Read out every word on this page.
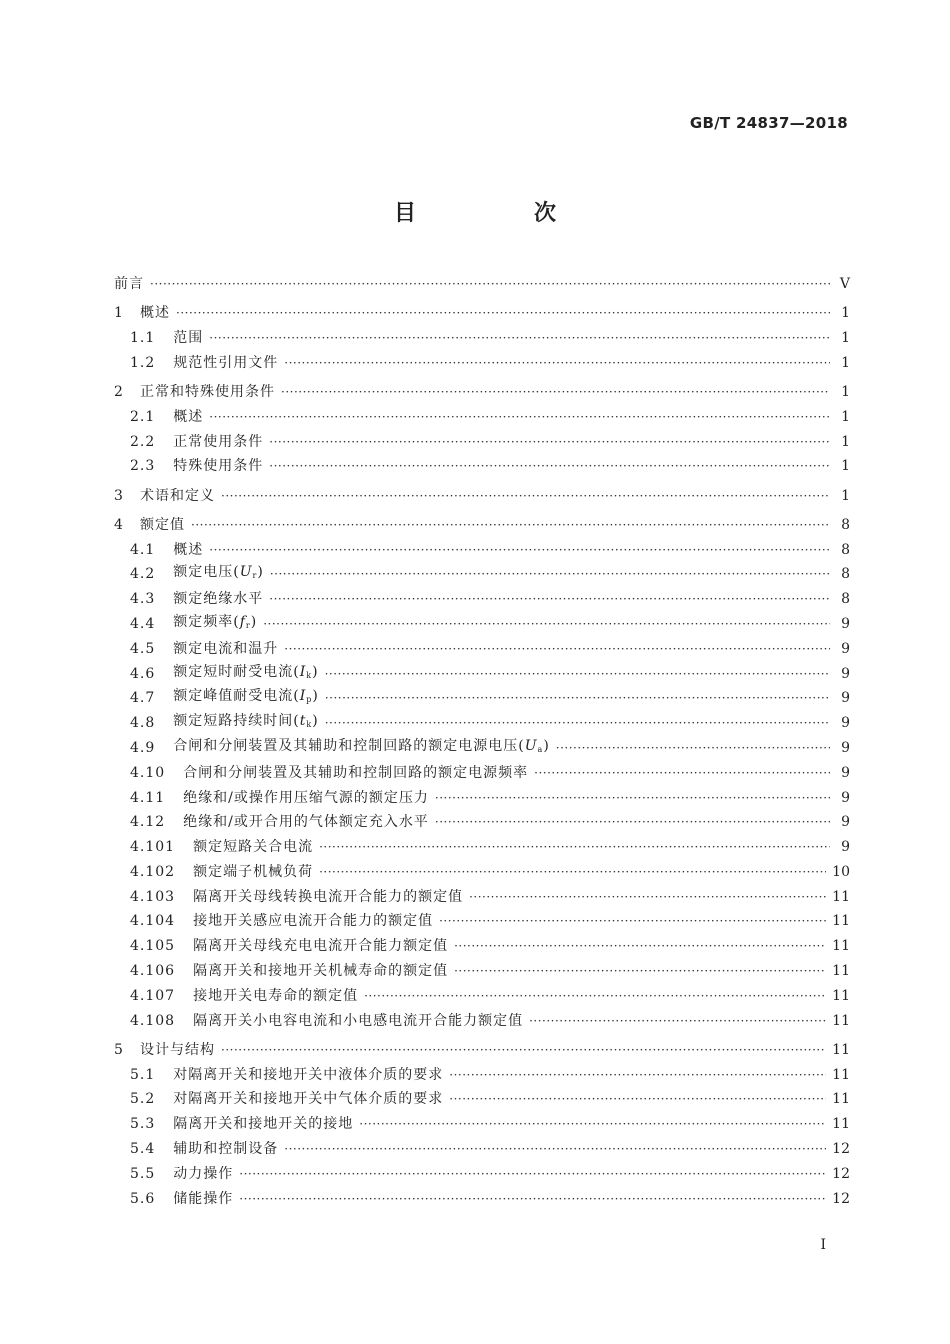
GB/T 24837—2018
目　次
前言 ·····	V
1	概述 ·····	1
1.1 范围 ·····	1
1.2 规范性引用文件 ·····	1
2	正常和特殊使用条件 ·····	1
2.1 概述 ·····	1
2.2 正常使用条件 ·····	1
2.3 特殊使用条件 ·····	1
3	术语和定义 ·····	1
4	额定值 ·····	8
4.1 概述 ·····	8
4.2 额定电压$(U_r)$ ·····	8
4.3 额定绝缘水平 ·····	8
4.4 额定频率$(f_r)$ ·····	9
4.5 额定电流和温升 ·····	9
4.6 额定短时耐受电流$(I_k)$ ·····	9
4.7 额定峰值耐受电流$(I_p)$ ·····	9
4.8 额定短路持续时间$(t_k)$ ·····	9
4.9 合闸和分闸装置及其辅助和控制回路的额定电源电压$(U_a)$ ·····	9
4.10 合闸和分闸装置及其辅助和控制回路的额定电源频率 ·····	9
4.11 绝缘和/或操作用压缩气源的额定压力 ·····	9
4.12 绝缘和/或开合用的气体额定充入水平 ·····	9
4.101 额定短路关合电流 ·····	9
4.102 额定端子机械负荷 ·····	10
4.103 隔离开关母线转换电流开合能力的额定值 ·····	11
4.104 接地开关感应电流开合能力的额定值 ·····	11
4.105 隔离开关母线充电电流开合能力额定值 ·····	11
4.106 隔离开关和接地开关机械寿命的额定值 ·····	11
4.107 接地开关电寿命的额定值 ·····	11
4.108 隔离开关小电容电流和小电感电流开合能力额定值 ·····	11
5	设计与结构 ·····	11
5.1 对隔离开关和接地开关中液体介质的要求 ·····	11
5.2 对隔离开关和接地开关中气体介质的要求 ·····	11
5.3 隔离开关和接地开关的接地 ·····	11
5.4 辅助和控制设备 ·····	12
5.5 动力操作 ·····	12
5.6 储能操作 ·····	12
I
